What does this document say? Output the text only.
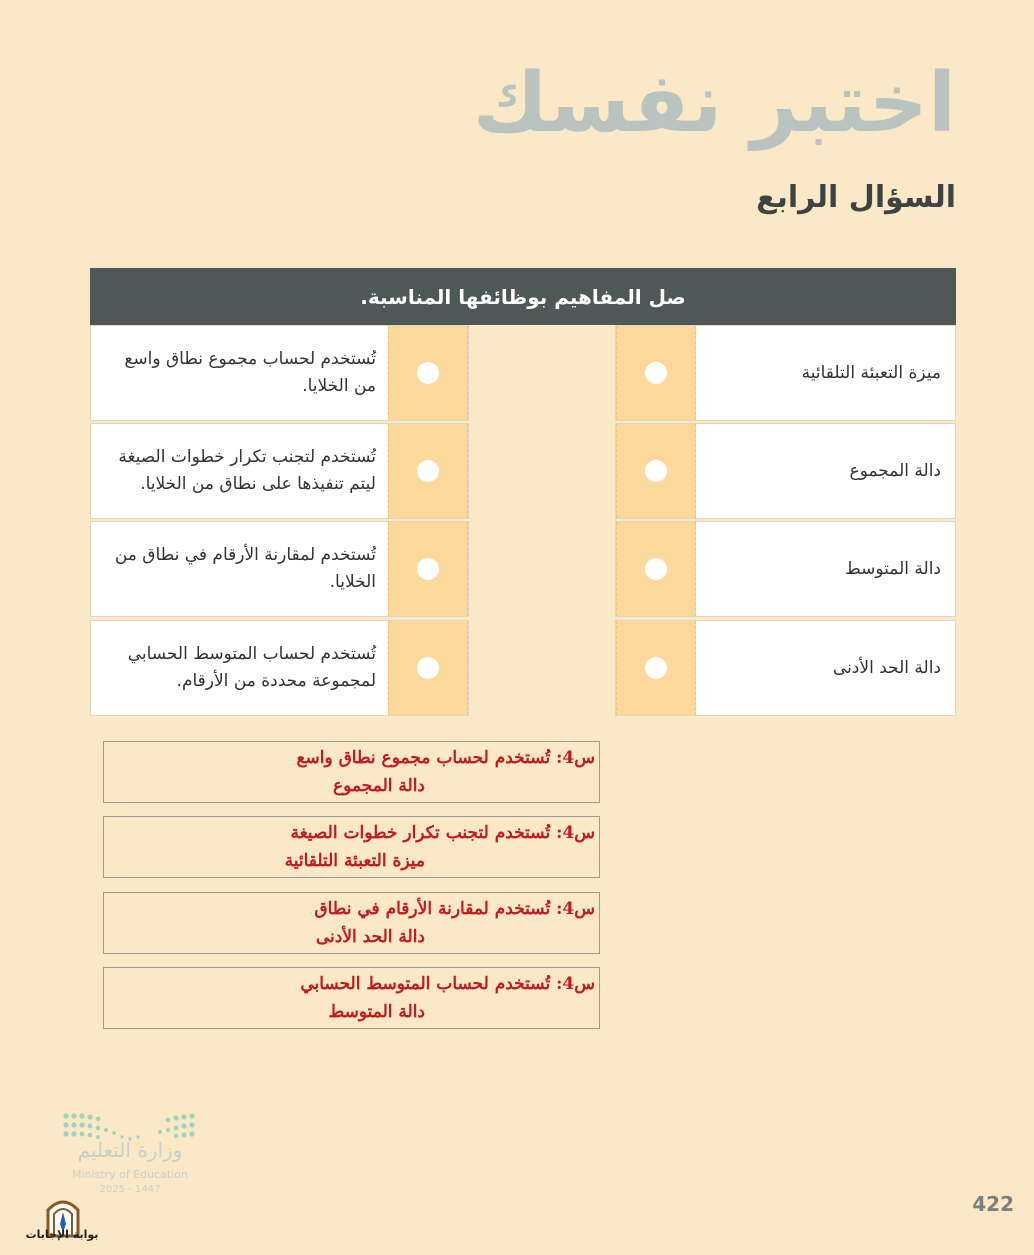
اختبر نفسك
السؤال الرابع
صل المفاهيم بوظائفها المناسبة.
ميزة التعبئة التلقائية
دالة المجموع
دالة المتوسط
دالة الحد الأدنى
تُستخدم لحساب مجموع نطاق واسع من الخلايا.
تُستخدم لتجنب تكرار خطوات الصيغة ليتم تنفيذها على نطاق من الخلايا.
تُستخدم لمقارنة الأرقام في نطاق من الخلايا.
تُستخدم لحساب المتوسط الحسابي لمجموعة محددة من الأرقام.
س4: تُستخدم لحساب مجموع نطاق واسع
دالة المجموع
س4: تُستخدم لتجنب تكرار خطوات الصيغة
ميزة التعبئة التلقائية
س4: تُستخدم لمقارنة الأرقام في نطاق
دالة الحد الأدنى
س4: تُستخدم لحساب المتوسط الحسابي
دالة المتوسط
وزارة التعليم
Ministry of Education
2025 - 1447
بوابة الإجابات
422
